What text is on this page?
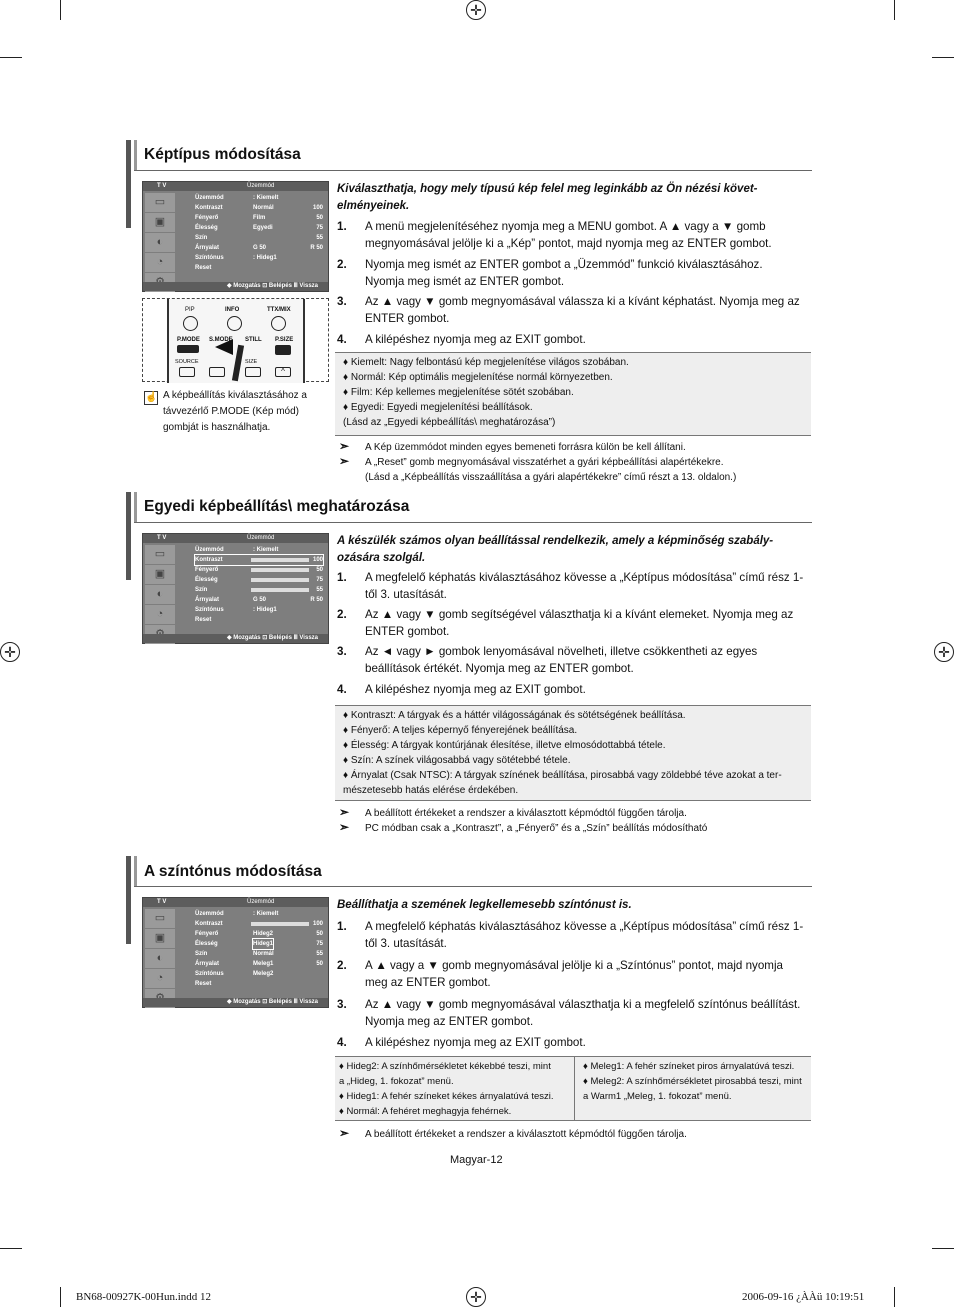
✛
✛	✛
✛
Képtípus módosítása
T V	Üzemmód
▭
▣
◐
◔
Üzemmód	: Kiemelt
Kontraszt	Normál	100
Fényerő	Film	50
Élesség	Egyedi	75
Szín	55
Árnyalat	G 50	R 50
Színtónus	: Hideg1
Reset
◆ Mozgatás ⊡ Belépés Ⅲ Vissza
PIP	INFO	TTX/MIX
P.MODE S.MODE STILL P.SIZE
SOURCE	SIZE
^
☝ A képbeállítás kiválasztásához a távvezérlő P.MODE (Kép mód) gombját is használhatja.
Kiválaszthatja, hogy mely típusú kép felel meg leginkább az Ön nézési követ-elményeinek.
1. A menü megjelenítéséhez nyomja meg a MENU gombot. A ▲ vagy a ▼ gomb megnyomásával jelölje ki a „Kép” pontot, majd nyomja meg az ENTER gombot.
2. Nyomja meg ismét az ENTER gombot a „Üzemmód” funkció kiválasztásához. Nyomja meg ismét az ENTER gombot.
3. Az ▲ vagy ▼ gomb megnyomásával válassza ki a kívánt képhatást. Nyomja meg az ENTER gombot.
4. A kilépéshez nyomja meg az EXIT gombot.
♦ Kiemelt: Nagy felbontású kép megjelenítése világos szobában.
♦ Normál: Kép optimális megjelenítése normál környezetben.
♦ Film: Kép kellemes megjelenítése sötét szobában.
♦ Egyedi: Egyedi megjelenítési beállítások.
(Lásd az „Egyedi képbeállítás\ meghatározása”)
➣ A Kép üzemmódot minden egyes bemeneti forrásra külön be kell állítani.
➣ A „Reset” gomb megnyomásával visszatérhet a gyári képbeállítási alapértékekre.
(Lásd a „Képbeállítás visszaállítása a gyári alapértékekre” című részt a 13. oldalon.)
Egyedi képbeállítás\ meghatározása
T V	Üzemmód
▭
▣
◐
◔
Üzemmód	: Kiemelt
Kontraszt	100
Fényerő	50
Élesség	75
Szín	55
Árnyalat	G 50	R 50
Színtónus	: Hideg1
Reset
◆ Mozgatás ⊡ Belépés Ⅲ Vissza
A készülék számos olyan beállítással rendelkezik, amely a képminőség szabály-ozására szolgál.
1. A megfelelő képhatás kiválasztásához kövesse a „Képtípus módosítása” című rész 1-től 3. utasítását.
2. Az ▲ vagy ▼ gomb segítségével választhatja ki a kívánt elemeket. Nyomja meg az ENTER gombot.
3. Az ◄ vagy ► gombok lenyomásával növelheti, illetve csökkentheti az egyes beállítások értékét. Nyomja meg az ENTER gombot.
4. A kilépéshez nyomja meg az EXIT gombot.
♦ Kontraszt: A tárgyak és a háttér világosságának és sötétségének beállítása.
♦ Fényerő: A teljes képernyő fényerejének beállítása.
♦ Élesség: A tárgyak kontúrjának élesítése, illetve elmosódottabbá tétele.
♦ Szín: A színek világosabbá vagy sötétebbé tétele.
♦ Árnyalat (Csak NTSC): A tárgyak színének beállítása, pirosabbá vagy zöldebbé téve azokat a ter-
mészetesebb hatás elérése érdekében.
➣ A beállított értékeket a rendszer a kiválasztott képmódtól függően tárolja.
➣ PC módban csak a „Kontraszt”, a „Fényerő” és a „Szín” beállítás módosítható
A színtónus módosítása
T V	Üzemmód
▭
▣
◐
◔
Üzemmód	: Kiemelt
Kontraszt	100
Fényerő	Hideg2	50
Élesség	Hideg1	75
Szín	Normál	55
Árnyalat	Meleg1	50
Színtónus	Meleg2
Reset
◆ Mozgatás ⊡ Belépés Ⅲ Vissza
Beállíthatja a szemének legkellemesebb színtónust is.
1. A megfelelő képhatás kiválasztásához kövesse a „Képtípus módosítása” című rész 1-től 3. utasítását.
2. A ▲ vagy a ▼ gomb megnyomásával jelölje ki a „Színtónus” pontot, majd nyomja meg az ENTER gombot.
3. Az ▲ vagy ▼ gomb megnyomásával választhatja ki a megfelelő színtónus beállítást. Nyomja meg az ENTER gombot.
4. A kilépéshez nyomja meg az EXIT gombot.
♦ Hideg2: A színhőmérsékletet kékebbé teszi, mint
a „Hideg, 1. fokozat” menü.
♦ Hideg1: A fehér színeket kékes árnyalatúvá teszi.
♦ Normál: A fehéret meghagyja fehérnek.
♦ Meleg1: A fehér színeket piros árnyalatúvá teszi.
♦ Meleg2: A színhőmérsékletet pirosabbá teszi, mint
a Warm1 „Meleg, 1. fokozat” menü.
➣ A beállított értékeket a rendszer a kiválasztott képmódtól függően tárolja.
Magyar-12
BN68-00927K-00Hun.indd 12	2006-09-16 ¿ÀÀü 10:19:51
